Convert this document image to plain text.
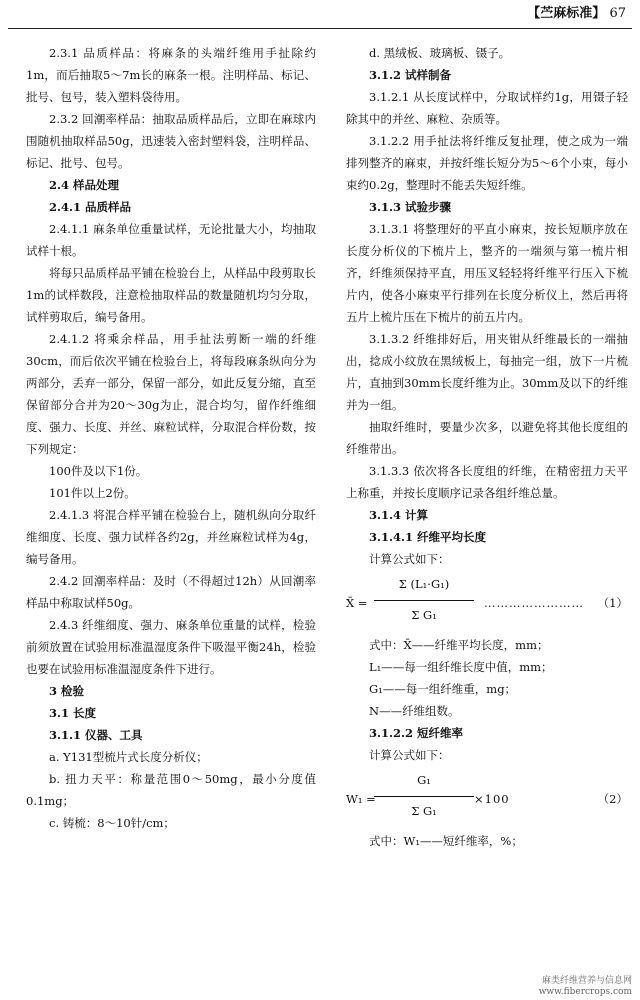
【苎麻标准】 67

2.3.1 品质样品：将麻条的头端纤维用手扯除约1m，而后抽取5～7m长的麻条一根。注明样品、标记、批号、包号，装入塑料袋待用。

2.3.2 回潮率样品：抽取品质样品后，立即在麻球内围随机抽取样品50g，迅速装入密封塑料袋，注明样品、标记、批号、包号。

2.4 样品处理
2.4.1 品质样品

2.4.1.1 麻条单位重量试样，无论批量大小，均抽取试样十根。

将每只品质样品平铺在检验台上，从样品中段剪取长1m的试样数段，注意检抽取样品的数量随机均匀分取，试样剪取后，编号备用。

2.4.1.2 将乘余样品，用手扯法剪断一端的纤维30cm，而后依次平铺在检验台上，将每段麻条纵向分为两部分，丢弃一部分，保留一部分，如此反复分缩，直至保留部分合并为20～30g为止，混合均匀，留作纤维细度、强力、长度、并丝、麻粒试样，分取混合样份数，按下列规定：

100件及以下1份。

101件以上2份。

2.4.1.3 将混合样平铺在检验台上，随机纵向分取纤维细度、长度、强力试样各约2g，并丝麻粒试样为4g，编号备用。

2.4.2 回潮率样品：及时（不得超过12h）从回潮率样品中称取试样50g。

2.4.3 纤维细度、强力、麻条单位重量的试样，检验前须放置在试验用标准温湿度条件下吸湿平衡24h，检验也要在试验用标准温湿度条件下进行。

3 检验
3.1 长度
3.1.1 仪器、工具

a. Y131型梳片式长度分析仪；

b. 扭力天平：称量范围0～50mg，最小分度值0.1mg；

c. 铸梳：8～10针/cm；

d. 黑绒板、玻璃板、镊子。

3.1.2 试样制备

3.1.2.1 从长度试样中，分取试样约1g，用镊子轻除其中的并丝、麻粒、杂质等。

3.1.2.2 用手扯法将纤维反复扯理，使之成为一端排列整齐的麻束，并按纤维长短分为5～6个小束，每小束约0.2g，整理时不能丢失短纤维。

3.1.3 试验步骤

3.1.3.1 将整理好的平直小麻束，按长短顺序放在长度分析仪的下梳片上，整齐的一端须与第一梳片相齐，纤维须保持平直，用压叉轻轻将纤维平行压入下梳片内，使各小麻束平行排列在长度分析仪上，然后再将五片上梳片压在下梳片的前五片内。

3.1.3.2 纤维排好后，用夹钳从纤维最长的一端抽出，捻成小纹放在黑绒板上，每抽完一组，放下一片梳片，直抽到30mm长度纤维为止。30mm及以下的纤维并为一组。

抽取纤维时，要量少次多，以避免将其他长度组的纤维带出。

3.1.3.3 依次将各长度组的纤维，在精密扭力天平上称重，并按长度顺序记录各组纤维总量。

3.1.4 计算
3.1.4.1 纤维平均长度

计算公式如下：

X̄ = $\frac{\text{Σ (L₁·G₁)}}{\text{Σ G₁}}$ …………………… （1）

式中：X̄——纤维平均长度，mm；

L₁——每一组纤维长度中值，mm；

G₁——每一组纤维重，mg；

N——纤维组数。

3.1.2.2 短纤维率

计算公式如下：

W₁ =
$\frac{\text{G₁}}{\text{Σ G₁}} \times 100$	（2）

式中：W₁——短纤维率，%；

麻类纤维营养与信息网
www.fibercrops.com
